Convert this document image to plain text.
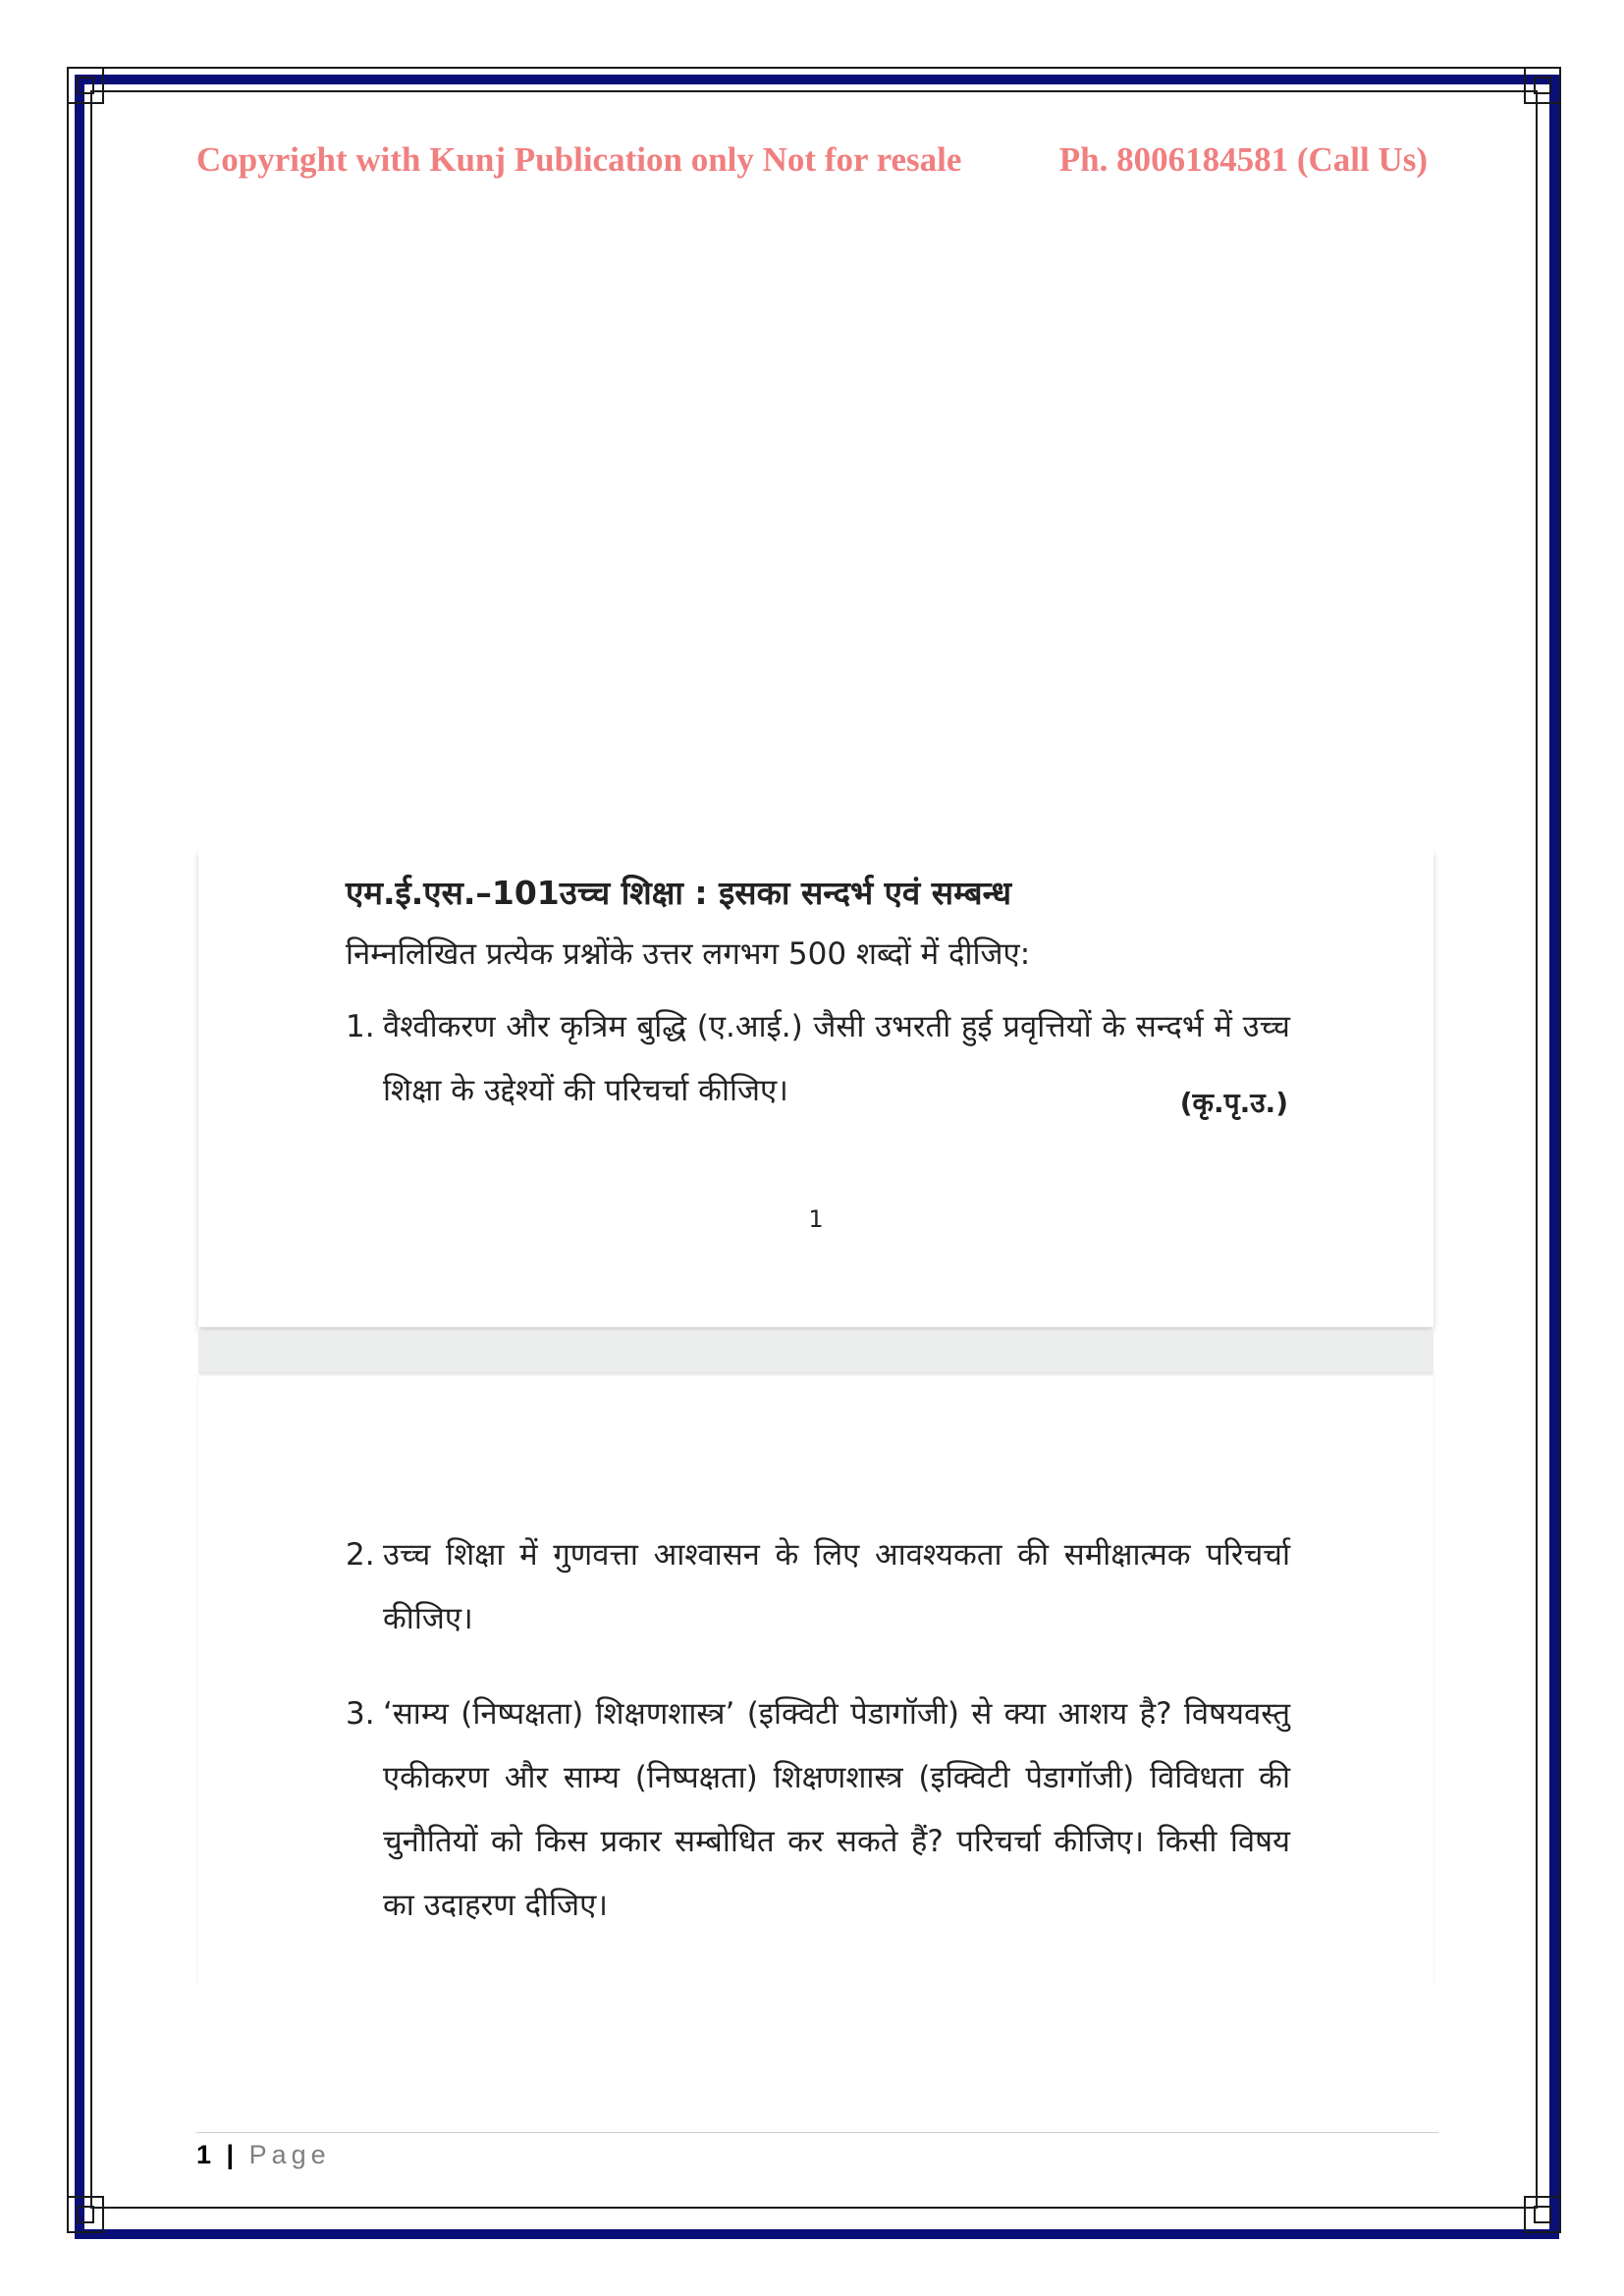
Copyright with Kunj Publication only Not for resale	Ph. 8006184581 (Call Us)
एम.ई.एस.–101उच्च शिक्षा : इसका सन्दर्भ एवं सम्बन्ध
निम्नलिखित प्रत्येक प्रश्नोंके उत्तर लगभग 500 शब्दों में दीजिए:
1. वैश्वीकरण और कृत्रिम बुद्धि (ए.आई.) जैसी उभरती हुई प्रवृत्तियों के सन्दर्भ में उच्च शिक्षा के उद्देश्यों की परिचर्चा कीजिए।	(कृ.पृ.उ.)
1
2. उच्च शिक्षा में गुणवत्ता आश्वासन के लिए आवश्यकता की समीक्षात्मक परिचर्चा कीजिए।
3. ‘साम्य (निष्पक्षता) शिक्षणशास्त्र’ (इक्विटी पेडागॉजी) से क्या आशय है? विषयवस्तु एकीकरण और साम्य (निष्पक्षता) शिक्षणशास्त्र (इक्विटी पेडागॉजी) विविधता की चुनौतियों को किस प्रकार सम्बोधित कर सकते हैं? परिचर्चा कीजिए। किसी विषय का उदाहरण दीजिए।
1 | Page
